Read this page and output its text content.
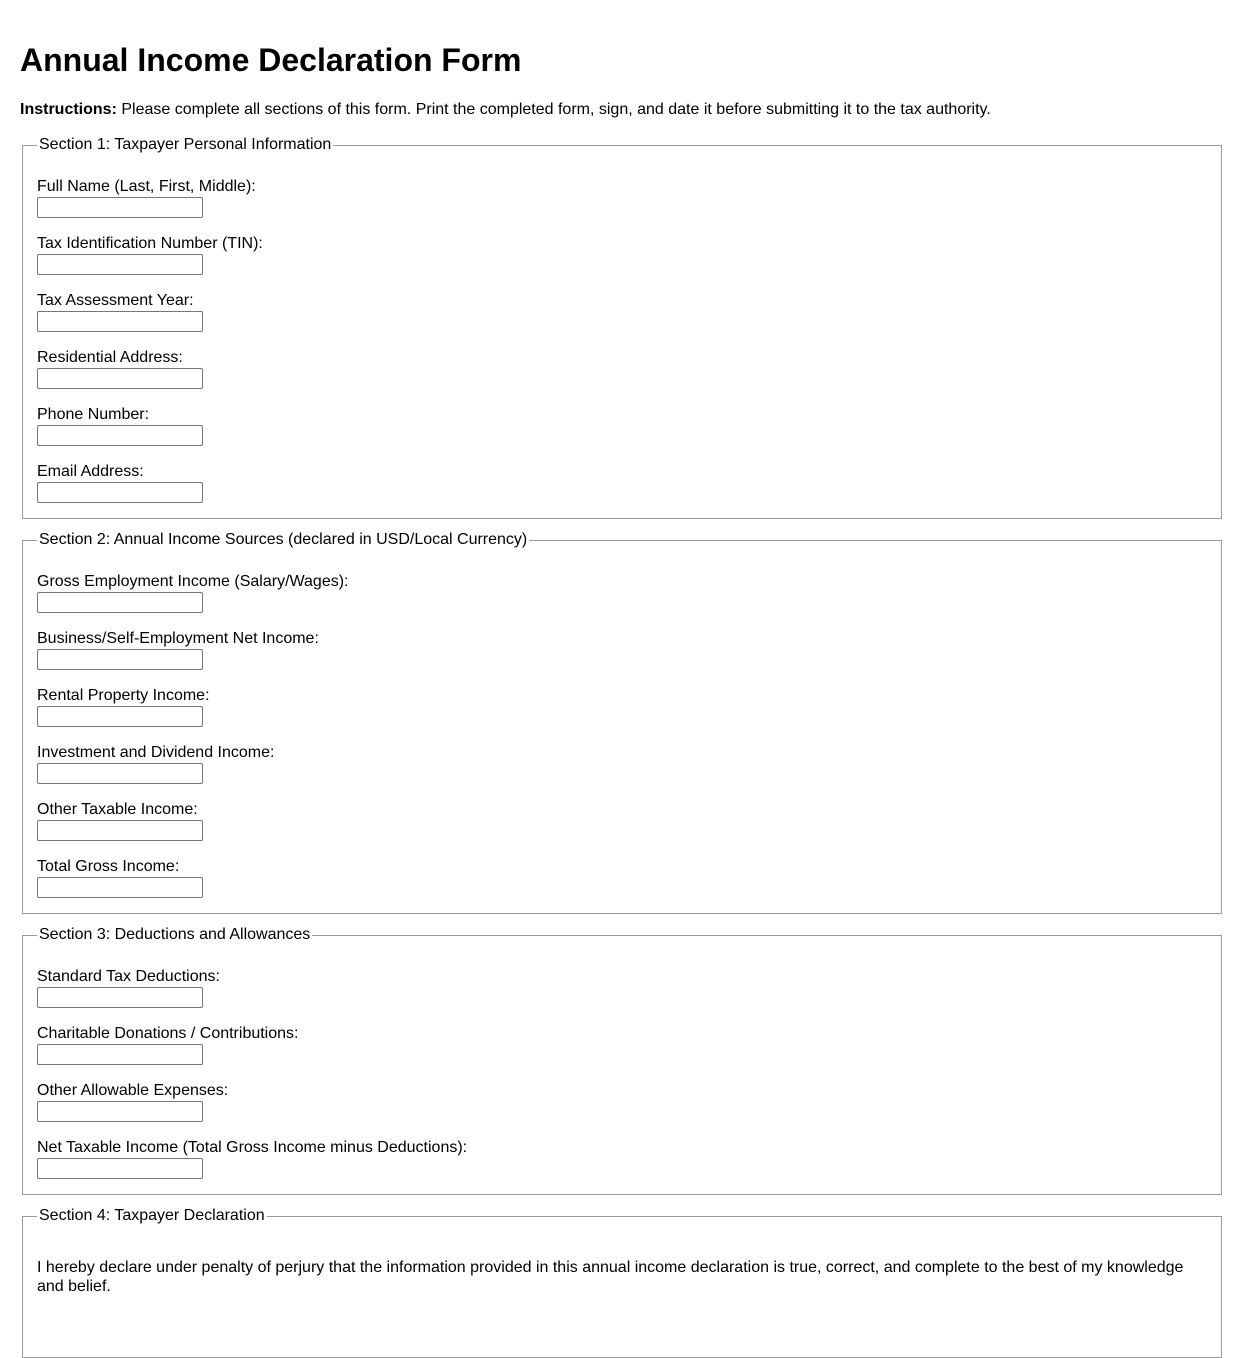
Annual Income Declaration Form
Instructions: Please complete all sections of this form. Print the completed form, sign, and date it before submitting it to the tax authority.
Section 1: Taxpayer Personal Information
Full Name (Last, First, Middle):
Tax Identification Number (TIN):
Tax Assessment Year:
Residential Address:
Phone Number:
Email Address:
Section 2: Annual Income Sources (declared in USD/Local Currency)
Gross Employment Income (Salary/Wages):
Business/Self-Employment Net Income:
Rental Property Income:
Investment and Dividend Income:
Other Taxable Income:
Total Gross Income:
Section 3: Deductions and Allowances
Standard Tax Deductions:
Charitable Donations / Contributions:
Other Allowable Expenses:
Net Taxable Income (Total Gross Income minus Deductions):
Section 4: Taxpayer Declaration
I hereby declare under penalty of perjury that the information provided in this annual income declaration is true, correct, and complete to the best of my knowledge and belief.
